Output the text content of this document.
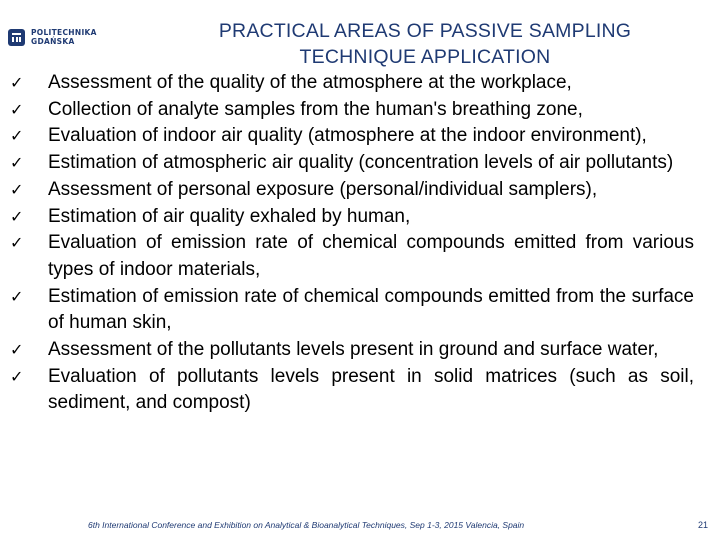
POLITECHNIKA
GDAŃSKA	PRACTICAL AREAS OF PASSIVE SAMPLING
TECHNIQUE APPLICATION
✓	Assessment of the quality of the atmosphere at the workplace,
✓	Collection of analyte samples from the human's breathing zone,
✓	Evaluation of indoor air quality (atmosphere at the indoor environment),
✓	Estimation of atmospheric air quality (concentration levels of air pollutants)
✓	Assessment of personal exposure (personal/individual samplers),
✓	Estimation of air quality exhaled by human,
✓	Evaluation of emission rate of chemical compounds emitted from various types of indoor materials,
✓	Estimation of emission rate of chemical compounds emitted from the surface of human skin,
✓	Assessment of the pollutants levels present in ground and surface water,
✓	Evaluation of pollutants levels present in solid matrices (such as soil, sediment, and compost)
6th International Conference and Exhibition on Analytical & Bioanalytical Techniques, Sep 1-3, 2015 Valencia, Spain	21
